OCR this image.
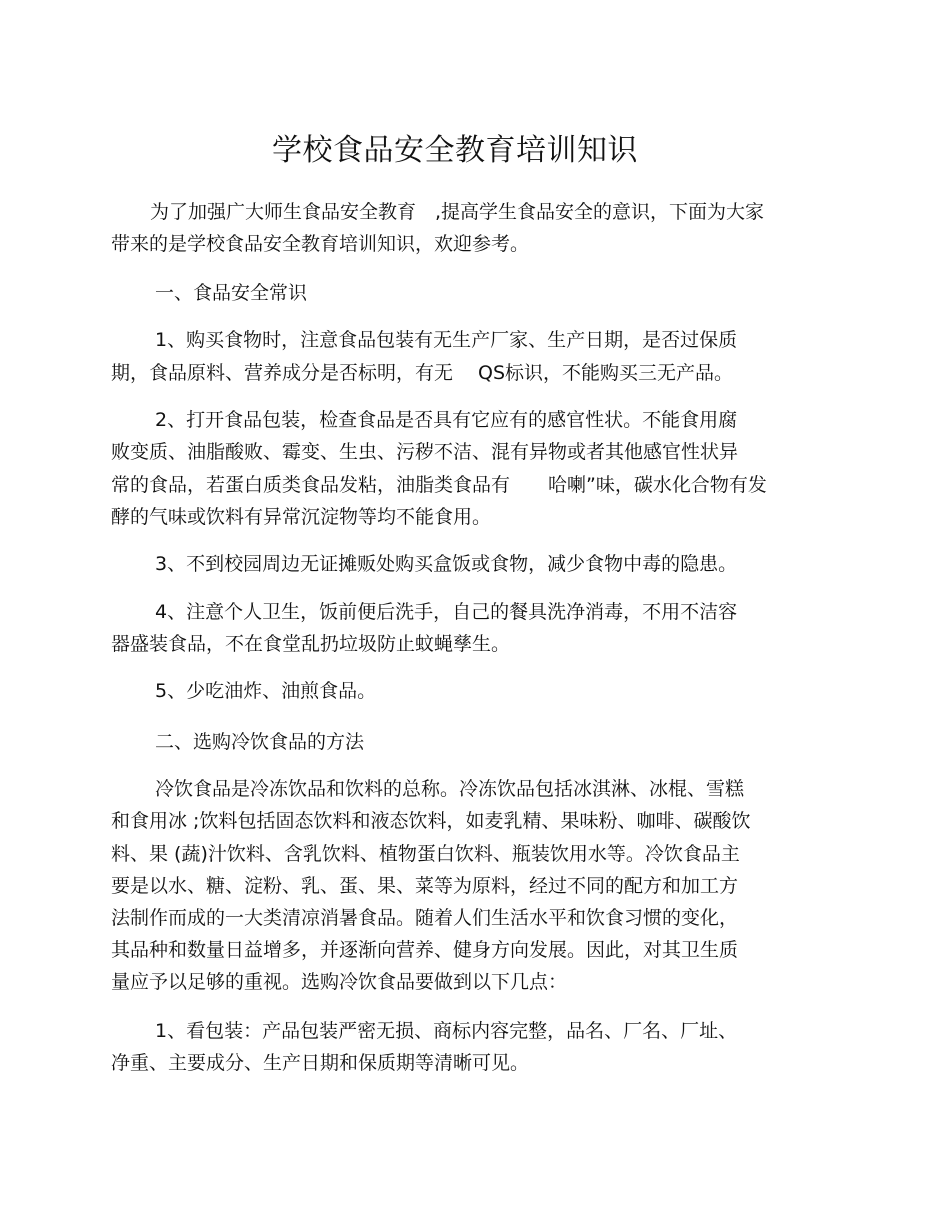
学校食品安全教育培训知识
为了加强广大师生食品安全教育　,提高学生食品安全的意识，下面为大家
带来的是学校食品安全教育培训知识，欢迎参考。
一、食品安全常识
1、购买食物时，注意食品包装有无生产厂家、生产日期，是否过保质
期，食品原料、营养成分是否标明，有无　 QS标识，不能购买三无产品。
2、打开食品包装，检查食品是否具有它应有的感官性状。不能食用腐
败变质、油脂酸败、霉变、生虫、污秽不洁、混有异物或者其他感官性状异
常的食品，若蛋白质类食品发粘，油脂类食品有　　哈喇”味，碳水化合物有发
酵的气味或饮料有异常沉淀物等均不能食用。
3、不到校园周边无证摊贩处购买盒饭或食物，减少食物中毒的隐患。
4、注意个人卫生，饭前便后洗手，自己的餐具洗净消毒，不用不洁容
器盛装食品，不在食堂乱扔垃圾防止蚊蝇孳生。
5、少吃油炸、油煎食品。
二、选购冷饮食品的方法
冷饮食品是冷冻饮品和饮料的总称。冷冻饮品包括冰淇淋、冰棍、雪糕
和食用冰 ;饮料包括固态饮料和液态饮料，如麦乳精、果味粉、咖啡、碳酸饮
料、果 (蔬)汁饮料、含乳饮料、植物蛋白饮料、瓶装饮用水等。冷饮食品主
要是以水、糖、淀粉、乳、蛋、果、菜等为原料，经过不同的配方和加工方
法制作而成的一大类清凉消暑食品。随着人们生活水平和饮食习惯的变化，
其品种和数量日益增多，并逐渐向营养、健身方向发展。因此，对其卫生质
量应予以足够的重视。选购冷饮食品要做到以下几点：
1、看包装：产品包装严密无损、商标内容完整，品名、厂名、厂址、
净重、主要成分、生产日期和保质期等清晰可见。
